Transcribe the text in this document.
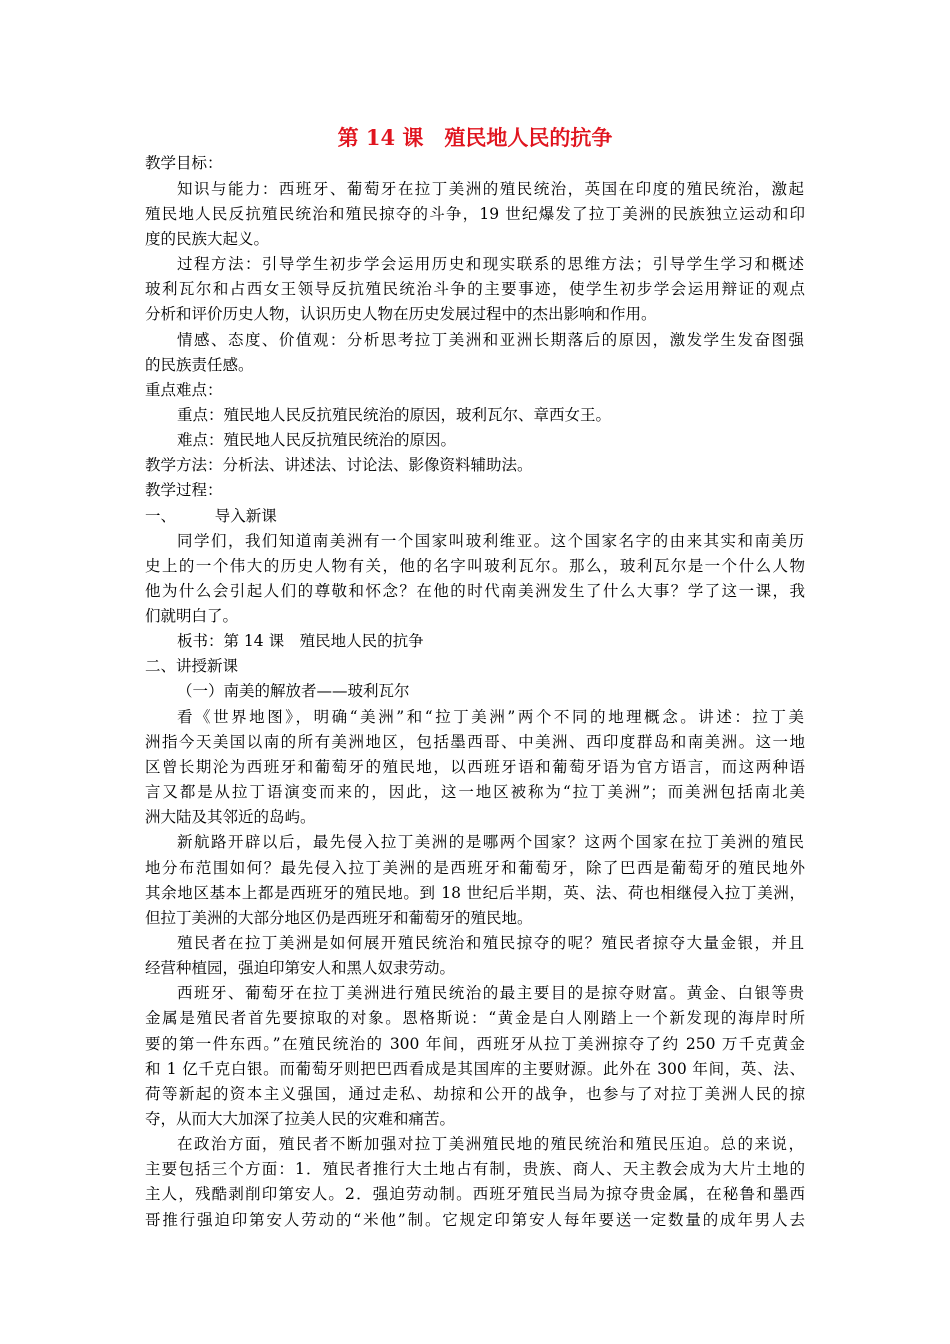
第 14 课　殖民地人民的抗争
教学目标：
知识与能力：西班牙、葡萄牙在拉丁美洲的殖民统治，英国在印度的殖民统治，激起
殖民地人民反抗殖民统治和殖民掠夺的斗争，19 世纪爆发了拉丁美洲的民族独立运动和印
度的民族大起义。
过程方法：引导学生初步学会运用历史和现实联系的思维方法；引导学生学习和概述
玻利瓦尔和占西女王领导反抗殖民统治斗争的主要事迹，使学生初步学会运用辩证的观点
分析和评价历史人物，认识历史人物在历史发展过程中的杰出影响和作用。
情感、态度、价值观：分析思考拉丁美洲和亚洲长期落后的原因，激发学生发奋图强
的民族责任感。
重点难点：
重点：殖民地人民反抗殖民统治的原因，玻利瓦尔、章西女王。
难点：殖民地人民反抗殖民统治的原因。
教学方法：分析法、讲述法、讨论法、影像资料辅助法。
教学过程：
一、　　　导入新课
同学们，我们知道南美洲有一个国家叫玻利维亚。这个国家名字的由来其实和南美历
史上的一个伟大的历史人物有关，他的名字叫玻利瓦尔。那么，玻利瓦尔是一个什么人物
他为什么会引起人们的尊敬和怀念？在他的时代南美洲发生了什么大事？学了这一课，我
们就明白了。
板书：第 14 课　殖民地人民的抗争
二、讲授新课
（一）南美的解放者——玻利瓦尔
看《世界地图》，明确“美洲”和“拉丁美洲”两个不同的地理概念。讲述：拉丁美
洲指今天美国以南的所有美洲地区，包括墨西哥、中美洲、西印度群岛和南美洲。这一地
区曾长期沦为西班牙和葡萄牙的殖民地，以西班牙语和葡萄牙语为官方语言，而这两种语
言又都是从拉丁语演变而来的，因此，这一地区被称为“拉丁美洲”；而美洲包括南北美
洲大陆及其邻近的岛屿。
新航路开辟以后，最先侵入拉丁美洲的是哪两个国家？这两个国家在拉丁美洲的殖民
地分布范围如何？最先侵入拉丁美洲的是西班牙和葡萄牙，除了巴西是葡萄牙的殖民地外
其余地区基本上都是西班牙的殖民地。到 18 世纪后半期，英、法、荷也相继侵入拉丁美洲，
但拉丁美洲的大部分地区仍是西班牙和葡萄牙的殖民地。
殖民者在拉丁美洲是如何展开殖民统治和殖民掠夺的呢？殖民者掠夺大量金银，并且
经营种植园，强迫印第安人和黑人奴隶劳动。
西班牙、葡萄牙在拉丁美洲进行殖民统治的最主要目的是掠夺财富。黄金、白银等贵
金属是殖民者首先要掠取的对象。恩格斯说：“黄金是白人刚踏上一个新发现的海岸时所
要的第一件东西。”在殖民统治的 300 年间，西班牙从拉丁美洲掠夺了约 250 万千克黄金
和 1 亿千克白银。而葡萄牙则把巴西看成是其国库的主要财源。此外在 300 年间，英、法、
荷等新起的资本主义强国，通过走私、劫掠和公开的战争，也参与了对拉丁美洲人民的掠
夺，从而大大加深了拉美人民的灾难和痛苦。
在政治方面，殖民者不断加强对拉丁美洲殖民地的殖民统治和殖民压迫。总的来说，
主要包括三个方面：1．殖民者推行大土地占有制，贵族、商人、天主教会成为大片土地的
主人，残酷剥削印第安人。2．强迫劳动制。西班牙殖民当局为掠夺贵金属，在秘鲁和墨西
哥推行强迫印第安人劳动的“米他”制。它规定印第安人每年要送一定数量的成年男人去
